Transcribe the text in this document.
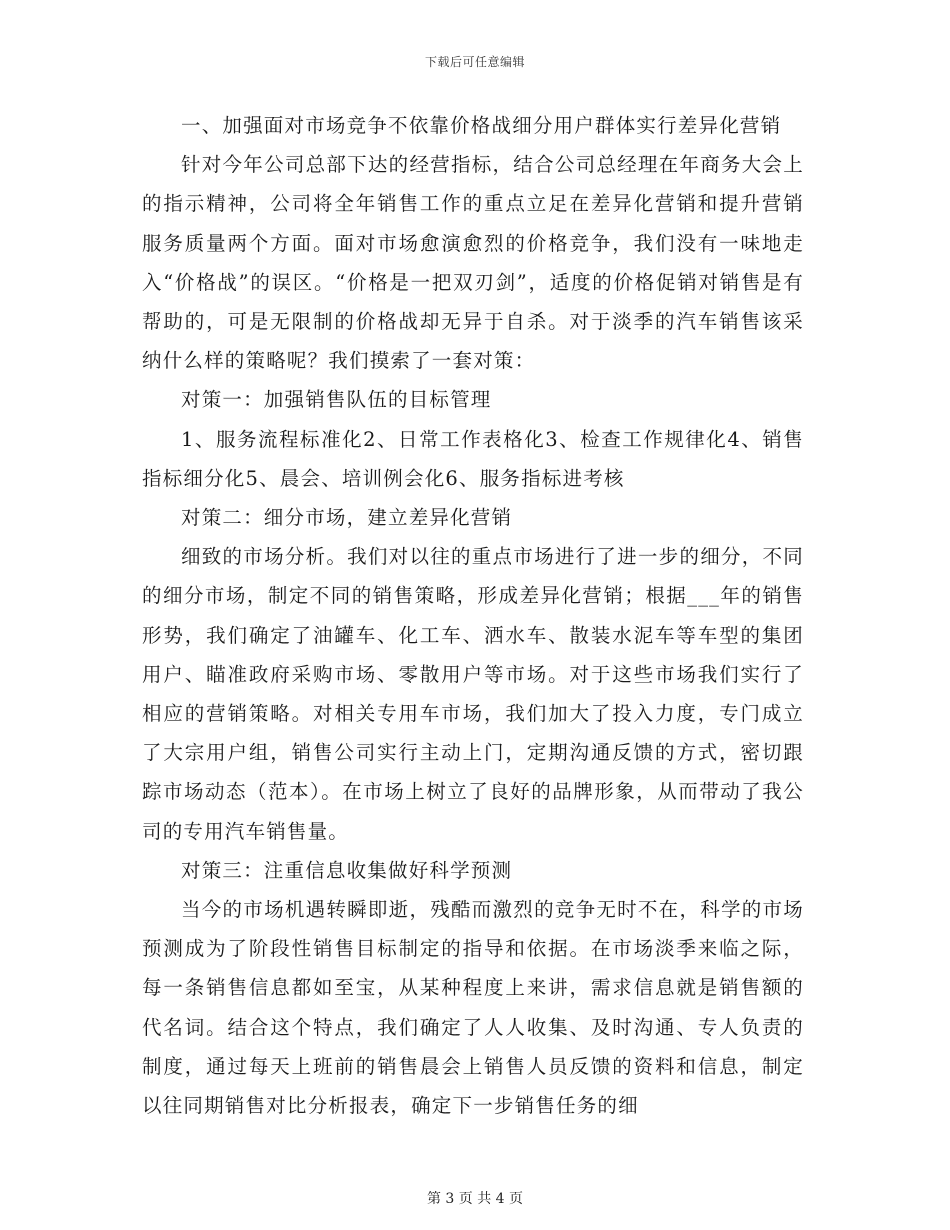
下载后可任意编辑

一、加强面对市场竞争不依靠价格战细分用户群体实行差异化营销

针对今年公司总部下达的经营指标，结合公司总经理在年商务大会上的指示精神，公司将全年销售工作的重点立足在差异化营销和提升营销服务质量两个方面。面对市场愈演愈烈的价格竞争，我们没有一味地走入“价格战”的误区。“价格是一把双刃剑”，适度的价格促销对销售是有帮助的，可是无限制的价格战却无异于自杀。对于淡季的汽车销售该采纳什么样的策略呢？我们摸索了一套对策：

对策一：加强销售队伍的目标管理

1、服务流程标准化2、日常工作表格化3、检查工作规律化4、销售指标细分化5、晨会、培训例会化6、服务指标进考核

对策二：细分市场，建立差异化营销

细致的市场分析。我们对以往的重点市场进行了进一步的细分，不同的细分市场，制定不同的销售策略，形成差异化营销；根据___年的销售形势，我们确定了油罐车、化工车、洒水车、散装水泥车等车型的集团用户、瞄准政府采购市场、零散用户等市场。对于这些市场我们实行了相应的营销策略。对相关专用车市场，我们加大了投入力度，专门成立了大宗用户组，销售公司实行主动上门，定期沟通反馈的方式，密切跟踪市场动态（范本）。在市场上树立了良好的品牌形象，从而带动了我公司的专用汽车销售量。

对策三：注重信息收集做好科学预测

当今的市场机遇转瞬即逝，残酷而激烈的竞争无时不在，科学的市场预测成为了阶段性销售目标制定的指导和依据。在市场淡季来临之际，每一条销售信息都如至宝，从某种程度上来讲，需求信息就是销售额的代名词。结合这个特点，我们确定了人人收集、及时沟通、专人负责的制度，通过每天上班前的销售晨会上销售人员反馈的资料和信息，制定以往同期销售对比分析报表，确定下一步销售任务的细

第 3 页 共 4 页
